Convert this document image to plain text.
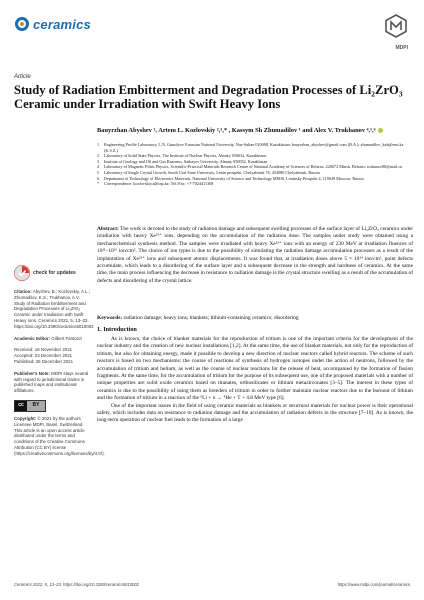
ceramics
MDPI
Article
Study of Radiation Embitterment and Degradation Processes of Li₂ZrO₃ Ceramic under Irradiation with Swift Heavy Ions
Bauyrzhan Abyshev ¹, Artem L. Kozlovskiy ²,³,* , Kassym Sh Zhumadilov ¹ and Alex V. Trukhanov ⁴,⁵,⁶
1	Engineering Profile Laboratory, L.N. Gumilyov Eurasian National University, Nur-Sultan 010008, Kazakhstan; bauyrzhan_abyshev@gmail.com (B.A.); zhumadilov_kah@enu.kz (K.S.Z.)
2	Laboratory of Solid State Physics, The Institute of Nuclear Physics, Almaty 050032, Kazakhstan
3	Institute of Geology and Oil and Gas Business, Satbayev University, Almaty 050032, Kazakhstan
4	Laboratory of Magnetic Films Physics, Scientific-Practical Materials Research Centre of National Academy of Sciences of Belarus, 220072 Minsk, Belarus; truhanov86@mail.ru
5	Laboratory of Single Crystal Growth, South Ural State University, Lenin prospekt, Chelyabinsk 76, 454080 Chelyabinsk, Russia
6	Department of Technology of Electronics Materials, National University of Science and Technology MISIS, Leninsky Prospekt 4, 119049 Moscow, Russia
*	Correspondence: kozlovskiy.a@inp.kz; Tel./Fax: +7-7024411368
Abstract: The work is devoted to the study of radiation damage and subsequent swelling processes of the surface layer of Li₂ZrO₃ ceramics under irradiation with heavy Xe²³⁺ ions, depending on the accumulation of the radiation dose. The samples under study were obtained using a mechanochemical synthesis method. The samples were irradiated with heavy Xe²³⁺ ions with an energy of 230 MeV at irradiation fluences of 10¹¹–10¹⁶ ion/cm². The choice of ion types is due to the possibility of simulating the radiation damage accumulation processes as a result of the implantation of Xe²³⁺ ions and subsequent atomic displacements. It was found that, at irradiation doses above 5 × 10¹⁴ ion/cm², point defects accumulate, which leads to a disordering of the surface layer and a subsequent decrease in the strength and hardness of ceramics. At the same time, the main process influencing the decrease in resistance to radiation damage is the crystal structure swelling as a result of the accumulation of defects and disordering of the crystal lattice.
Keywords: radiation damage; heavy ions; blankets; lithium-containing ceramics; disordering
check for updates
Citation: Abyshev, B.; Kozlovskiy, A.L.; Zhumadilov, K.S.; Trukhanov, A.V. Study of Radiation Embitterment and Degradation Processes of Li₂ZrO₃ Ceramic under Irradiation with Swift Heavy Ions. Ceramics 2022, 5, 13–23. https://doi.org/10.3390/ceramics5010002
Academic Editor: Gilbert Fantozzi
Received: 18 November 2021
Accepted: 23 December 2021
Published: 26 December 2021
Publisher's Note: MDPI stays neutral with regard to jurisdictional claims in published maps and institutional affiliations.
cc	BY
Copyright: © 2021 by the authors. Licensee MDPI, Basel, Switzerland. This article is an open access article distributed under the terms and conditions of the Creative Commons Attribution (CC BY) license (https://creativecommons.org/licenses/by/4.0/).
1. Introduction

As is known, the choice of blanket materials for the reproduction of tritium is one of the important criteria for the development of the nuclear industry and the creation of new nuclear installations [1,2]. At the same time, the use of blanket materials, not only for the reproduction of tritium, but also for obtaining energy, made it possible to develop a new direction of nuclear reactors called hybrid reactors. The scheme of such reactors is based on two mechanisms: the course of reactions of synthesis of hydrogen isotopes under the action of neutrons, followed by the accumulation of tritium and helium, as well as the course of nuclear reactions for the release of heat, accompanied by the formation of fission fragments. At the same time, for the accumulation of tritium for the purpose of its subsequent use, one of the proposed materials with a number of unique properties are solid oxide ceramics based on titanates, orthosilicates or lithium metazirconates [3–5]. The interest in these types of ceramics is due to the possibility of using them as breeders of tritium in order to further maintain nuclear reactors due to the burnout of lithium and the formation of tritium in a reaction of the ⁶Li + n → ⁴He + T + 4.8 MeV type [6].

One of the important issues in the field of using ceramic materials as blankets or structural materials for nuclear power is their operational safety, which includes data on resistance to radiation damage and the accumulation of radiation defects in the structure [7–10]. As is known, the long-term operation of nuclear fuel leads to the formation of a large

Ceramics 2022, 5, 13–23. https://doi.org/10.3390/ceramics5010002	https://www.mdpi.com/journal/ceramics
